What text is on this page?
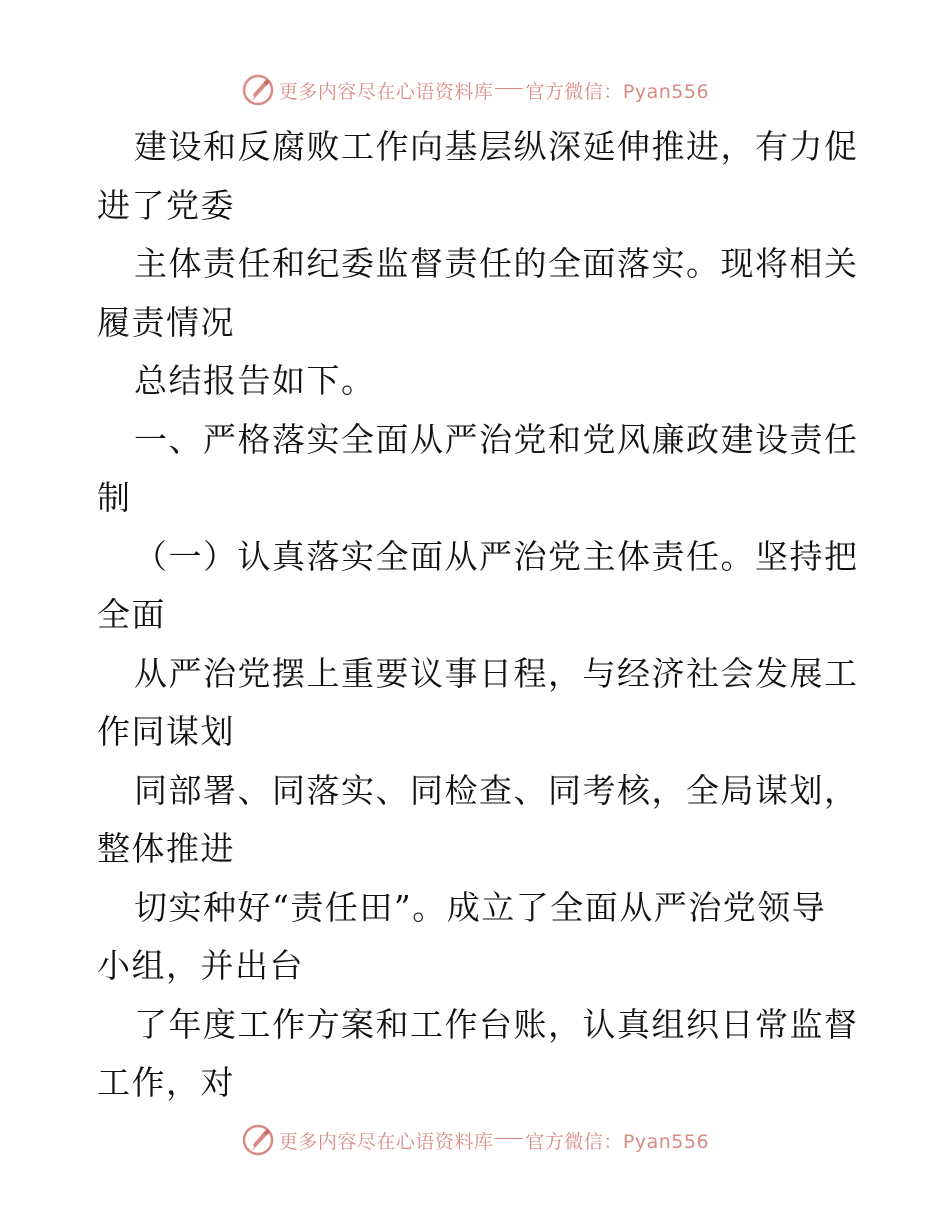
更多内容尽在心语资料库 官方微信：Pyan556
建设和反腐败工作向基层纵深延伸推进，有力促
进了党委
主体责任和纪委监督责任的全面落实。现将相关
履责情况
总结报告如下。
一、严格落实全面从严治党和党风廉政建设责任
制
（一）认真落实全面从严治党主体责任。坚持把
全面
从严治党摆上重要议事日程，与经济社会发展工
作同谋划
同部署、同落实、同检查、同考核，全局谋划，
整体推进
切实种好“责任田”。成立了全面从严治党领导
小组，并出台
了年度工作方案和工作台账，认真组织日常监督
工作，对
更多内容尽在心语资料库 官方微信：Pyan556
